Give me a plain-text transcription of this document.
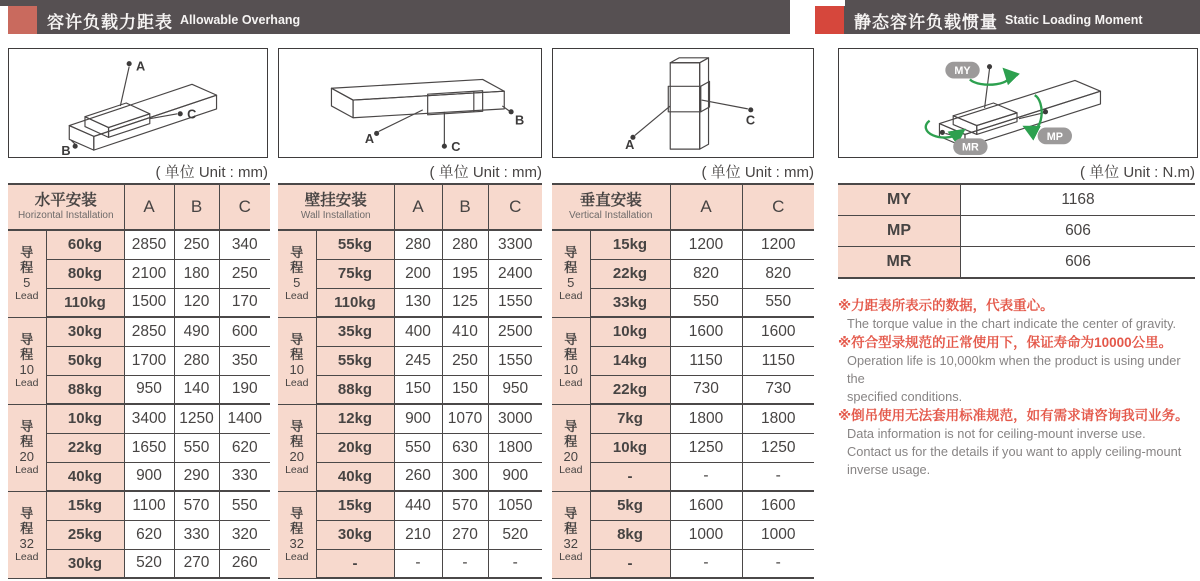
容许负载力距表 Allowable Overhang	静态容许负载惯量 Static Loading Moment
A
B
C
A
B
C	A
C
MY
MP
MR
( 单位 Unit : mm)	( 单位 Unit : mm)	( 单位 Unit : mm)	( 单位 Unit : N.m)
水平安装
Horizontal Installation		A	B	C

导
程
5
Lead	60kg	2850	250	340
	80kg	2100	180	250
	110kg	1500	120	170

导
程
10
Lead	30kg	2850	490	600
	50kg	1700	280	350
	88kg	950	140	190

导
程
20
Lead	10kg	3400	1250	1400
	22kg	1650	550	620
	40kg	900	290	330

导
程
32
Lead	15kg	1100	570	550
	25kg	620	330	320
	30kg	520	270	260
壁挂安装
Wall Installation		A	B	C

导
程
5
Lead	55kg	280	280	3300
	75kg	200	195	2400
	110kg	130	125	1550

导
程
10
Lead	35kg	400	410	2500
	55kg	245	250	1550
	88kg	150	150	950

导
程
20
Lead	12kg	900	1070	3000
	20kg	550	630	1800
	40kg	260	300	900

导
程
32
Lead	15kg	440	570	1050
	30kg	210	270	520
	-	-	-	-
垂直安装
Vertical Installation		A	C

导
程
5
Lead	15kg	1200	1200
	22kg	820	820
	33kg	550	550

导
程
10
Lead	10kg	1600	1600
	14kg	1150	1150
	22kg	730	730

导
程
20
Lead	7kg	1800	1800
	10kg	1250	1250
	-	-	-

导
程
32
Lead	5kg	1600	1600
	8kg	1000	1000
	-	-	-
MY	1168
MP	606
MR	606
※力距表所表示的数据，代表重心。
The torque value in the chart indicate the center of gravity.
※符合型录规范的正常使用下，保证寿命为10000公里。
Operation life is 10,000km when the product is using under the
specified conditions.
※倒吊使用无法套用标准规范，如有需求请咨询我司业务。
Data information is not for ceiling-mount inverse use.
Contact us for the details if you want to apply ceiling-mount
inverse usage.
